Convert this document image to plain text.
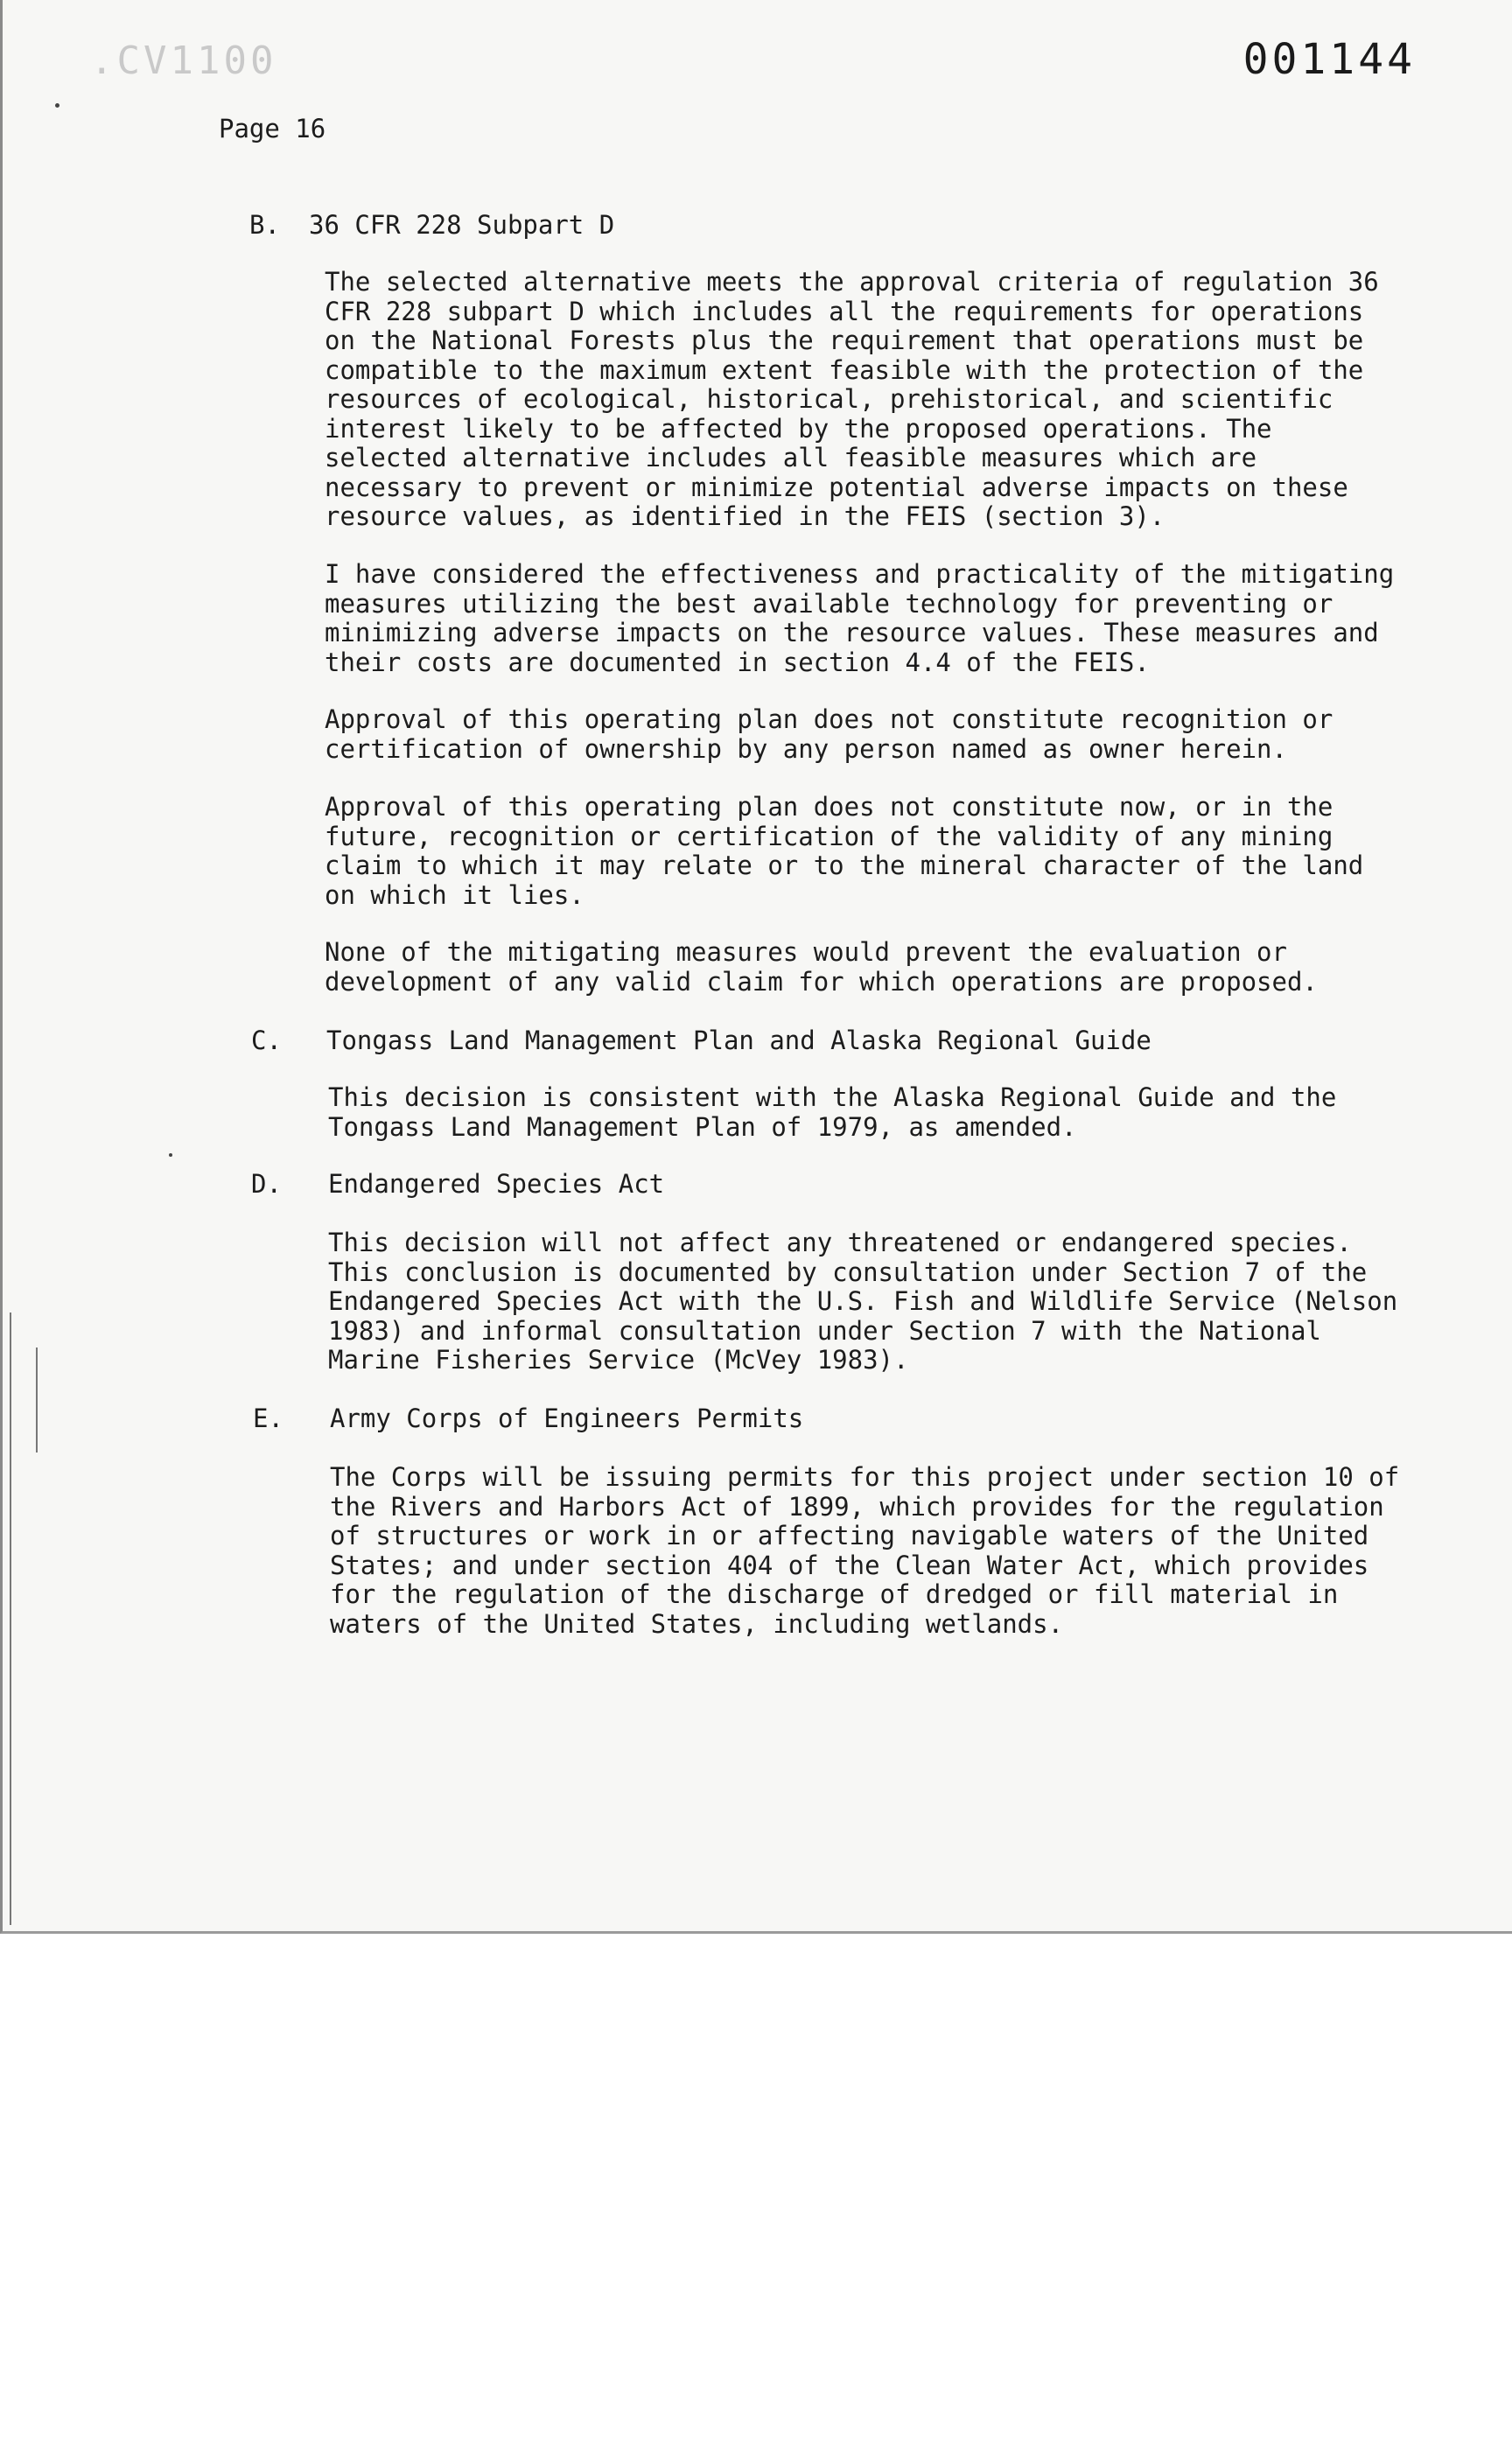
.CV1100	001144
Page 16
B. 36 CFR 228 Subpart D
The selected alternative meets the approval criteria of regulation 36
CFR 228 subpart D which includes all the requirements for operations
on the National Forests plus the requirement that operations must be
compatible to the maximum extent feasible with the protection of the
resources of ecological, historical, prehistorical, and scientific
interest likely to be affected by the proposed operations. The
selected alternative includes all feasible measures which are
necessary to prevent or minimize potential adverse impacts on these
resource values, as identified in the FEIS (section 3).
I have considered the effectiveness and practicality of the mitigating
measures utilizing the best available technology for preventing or
minimizing adverse impacts on the resource values. These measures and
their costs are documented in section 4.4 of the FEIS.
Approval of this operating plan does not constitute recognition or
certification of ownership by any person named as owner herein.
Approval of this operating plan does not constitute now, or in the
future, recognition or certification of the validity of any mining
claim to which it may relate or to the mineral character of the land
on which it lies.
None of the mitigating measures would prevent the evaluation or
development of any valid claim for which operations are proposed.
C. Tongass Land Management Plan and Alaska Regional Guide
This decision is consistent with the Alaska Regional Guide and the
Tongass Land Management Plan of 1979, as amended.
D. Endangered Species Act
This decision will not affect any threatened or endangered species.
This conclusion is documented by consultation under Section 7 of the
Endangered Species Act with the U.S. Fish and Wildlife Service (Nelson
1983) and informal consultation under Section 7 with the National
Marine Fisheries Service (McVey 1983).
E. Army Corps of Engineers Permits
The Corps will be issuing permits for this project under section 10 of
the Rivers and Harbors Act of 1899, which provides for the regulation
of structures or work in or affecting navigable waters of the United
States; and under section 404 of the Clean Water Act, which provides
for the regulation of the discharge of dredged or fill material in
waters of the United States, including wetlands.
